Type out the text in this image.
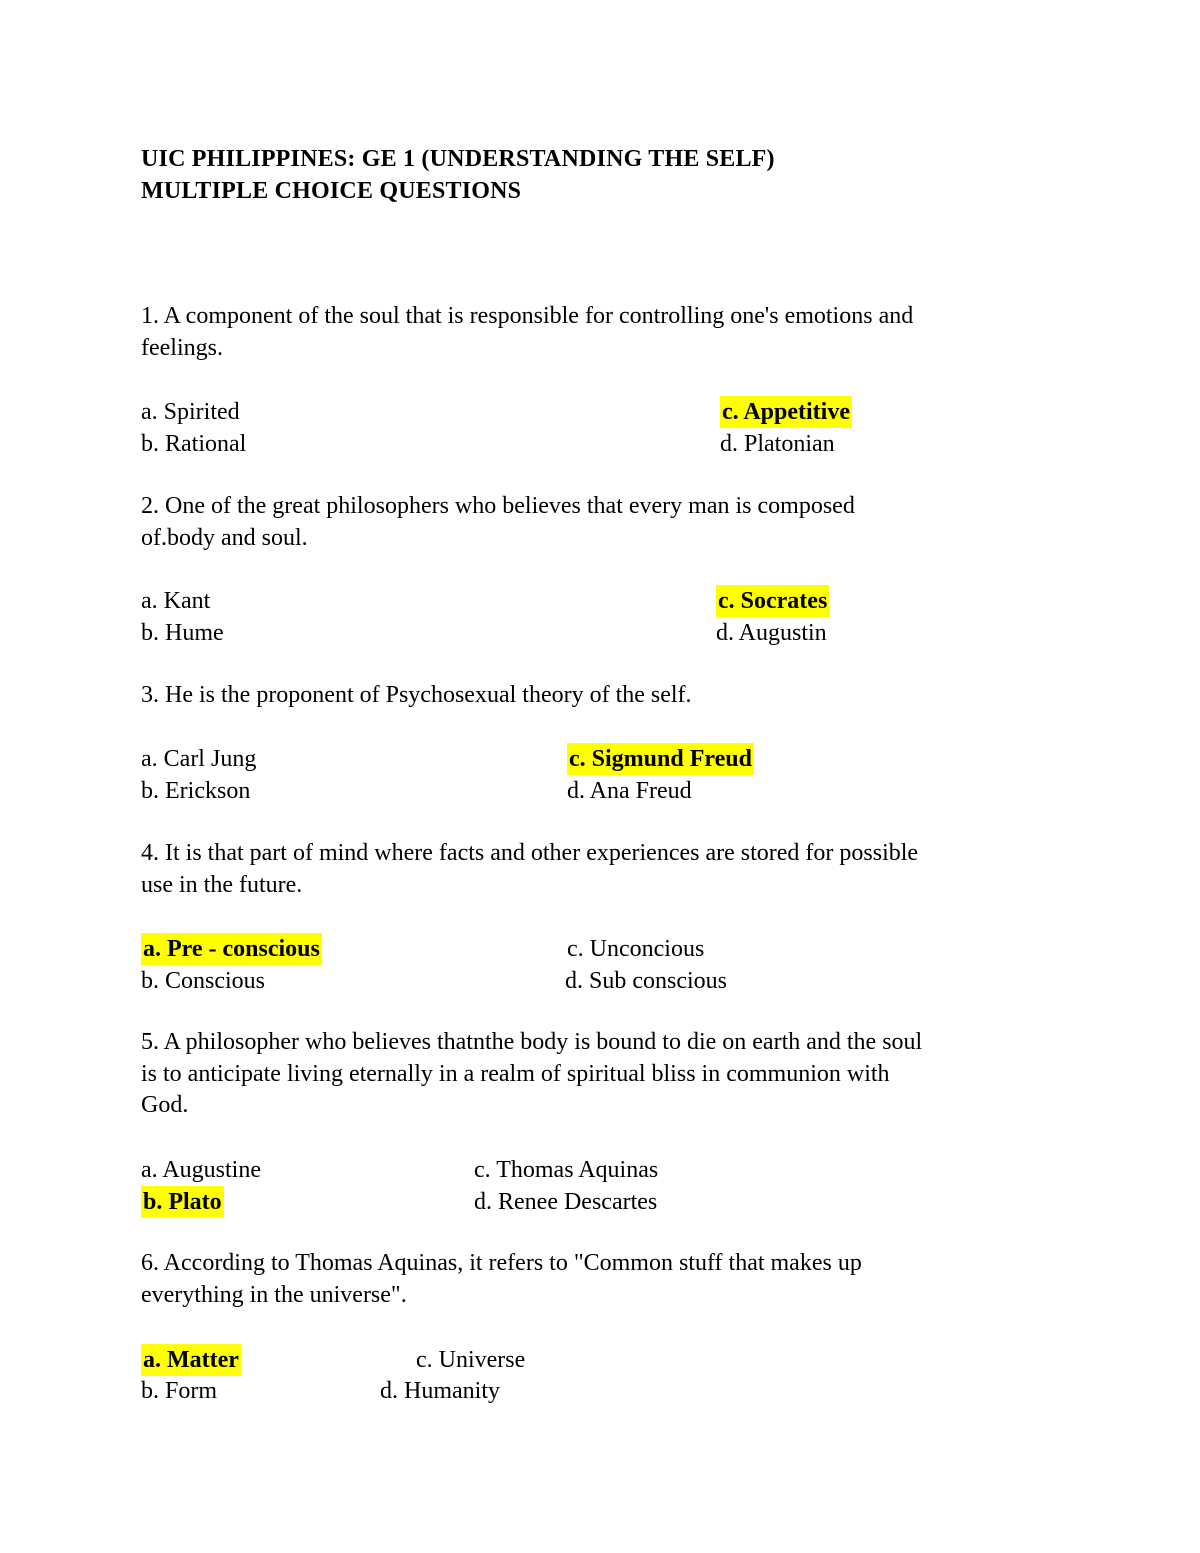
UIC PHILIPPINES: GE 1 (UNDERSTANDING THE SELF)
MULTIPLE CHOICE QUESTIONS
1. A component of the soul that is responsible for controlling one's emotions and
feelings.
a. Spirited
b. Rational
c. Appetitive
d. Platonian
2. One of the great philosophers who believes that every man is composed
of.body and soul.
a. Kant
b. Hume
c. Socrates
d. Augustin
3. He is the proponent of Psychosexual theory of the self.
a. Carl Jung
b. Erickson
c. Sigmund Freud
d. Ana Freud
4. It is that part of mind where facts and other experiences are stored for possible
use in the future.
a. Pre - conscious
b. Conscious
c. Unconcious
d. Sub conscious
5. A philosopher who believes thatnthe body is bound to die on earth and the soul
is to anticipate living eternally in a realm of spiritual bliss in communion with
God.
a. Augustine
b. Plato
c. Thomas Aquinas
d. Renee Descartes
6. According to Thomas Aquinas, it refers to "Common stuff that makes up
everything in the universe".
a. Matter
b. Form
c. Universe
d. Humanity
